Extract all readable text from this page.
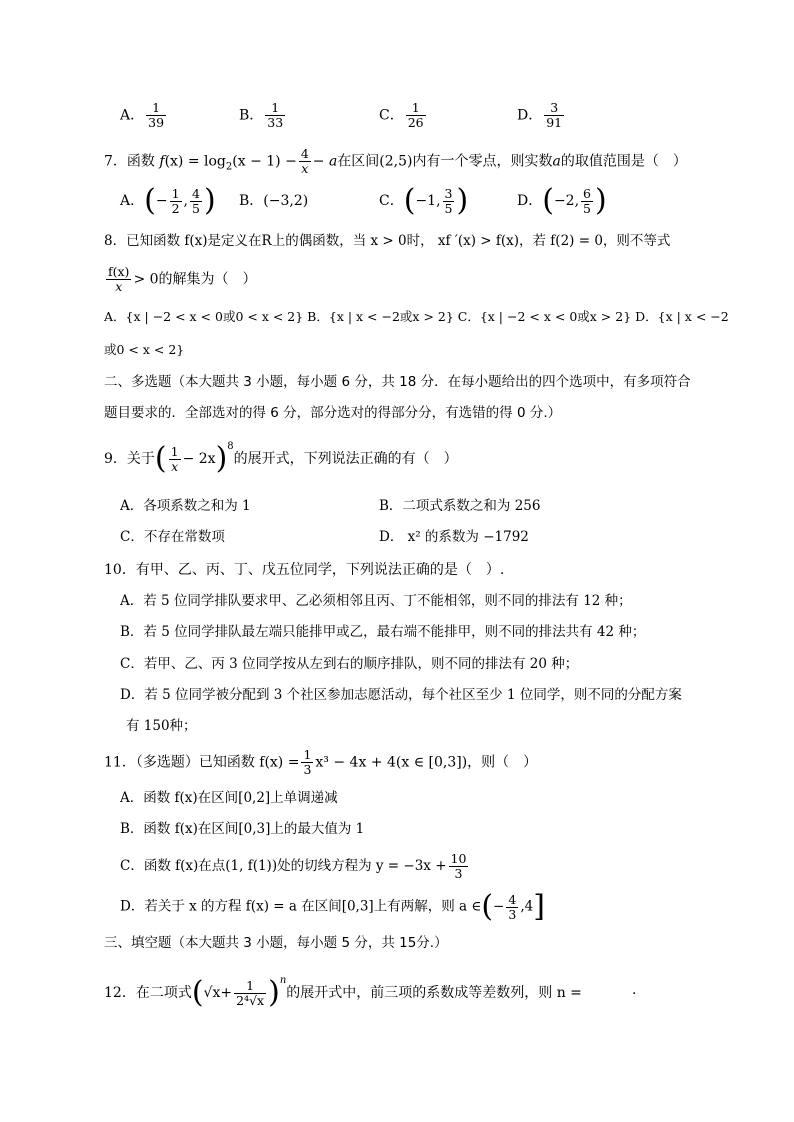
A． $\frac{1}{39}$	B． $\frac{1}{33}$	C． $\frac{1}{26}$	D． $\frac{3}{91}$
7．函数 $f(x) = \log_2(x - 1) - \frac{4}{x} - a$在区间(2,5)内有一个零点，则实数a的取值范围是（　）
A．(− $\frac{1}{2}$ , $\frac{4}{5}$ ) B．(−3,2)	C．(−1, $\frac{3}{5}$ )	D．(−2, $\frac{6}{5}$ )
8．已知函数 f(x)是定义在R上的偶函数，当 x > 0时， xf ′(x) > f(x)，若 f(2) = 0，则不等式
$\frac{f(x)}{x} > 0$的解集为（　）
A．{x | −2 < x < 0或0 < x < 2} B．{x | x < −2或x > 2} C．{x | −2 < x < 0或x > 2} D．{x | x < −2
或0 < x < 2}
二、多选题（本大题共 3 小题，每小题 6 分，共 18 分．在每小题给出的四个选项中，有多项符合
题目要求的．全部选对的得 6 分，部分选对的得部分分，有选错的得 0 分.）
9．关于( $\frac{1}{x} - 2x)^8$的展开式，下列说法正确的有（　）
A．各项系数之和为 1	B．二项式系数之和为 256
C．不存在常数项	D． x² 的系数为 −1792
10．有甲、乙、丙、丁、戊五位同学，下列说法正确的是（　）.
A．若 5 位同学排队要求甲、乙必须相邻且丙、丁不能相邻，则不同的排法有 12 种；
B．若 5 位同学排队最左端只能排甲或乙，最右端不能排甲，则不同的排法共有 42 种；
C．若甲、乙、丙 3 位同学按从左到右的顺序排队，则不同的排法有 20 种；
D．若 5 位同学被分配到 3 个社区参加志愿活动，每个社区至少 1 位同学，则不同的分配方案
有 150种；
11．（多选题）已知函数 $f(x) = \frac{1}{3} x^3 - 4x + 4(x$ ∈ [0,3])，则（　）
A．函数 f(x)在区间[0,2]上单调递减
B．函数 f(x)在区间[0,3]上的最大值为 1
C．函数 f(x)在点(1, f(1))处的切线方程为 $y = -3x + \frac{10}{3}$
D．若关于 x 的方程 f(x) = a 在区间[0,3]上有两解，则 a ∈(− $\frac{4}{3} ,4$]
三、填空题（本大题共 3 小题，每小题 5 分，共 15分.）
12．在二项式$(√x+ \frac{1}{\text{2⁴√x}} )^n$的展开式中，前三项的系数成等差数列，则 n =	.
